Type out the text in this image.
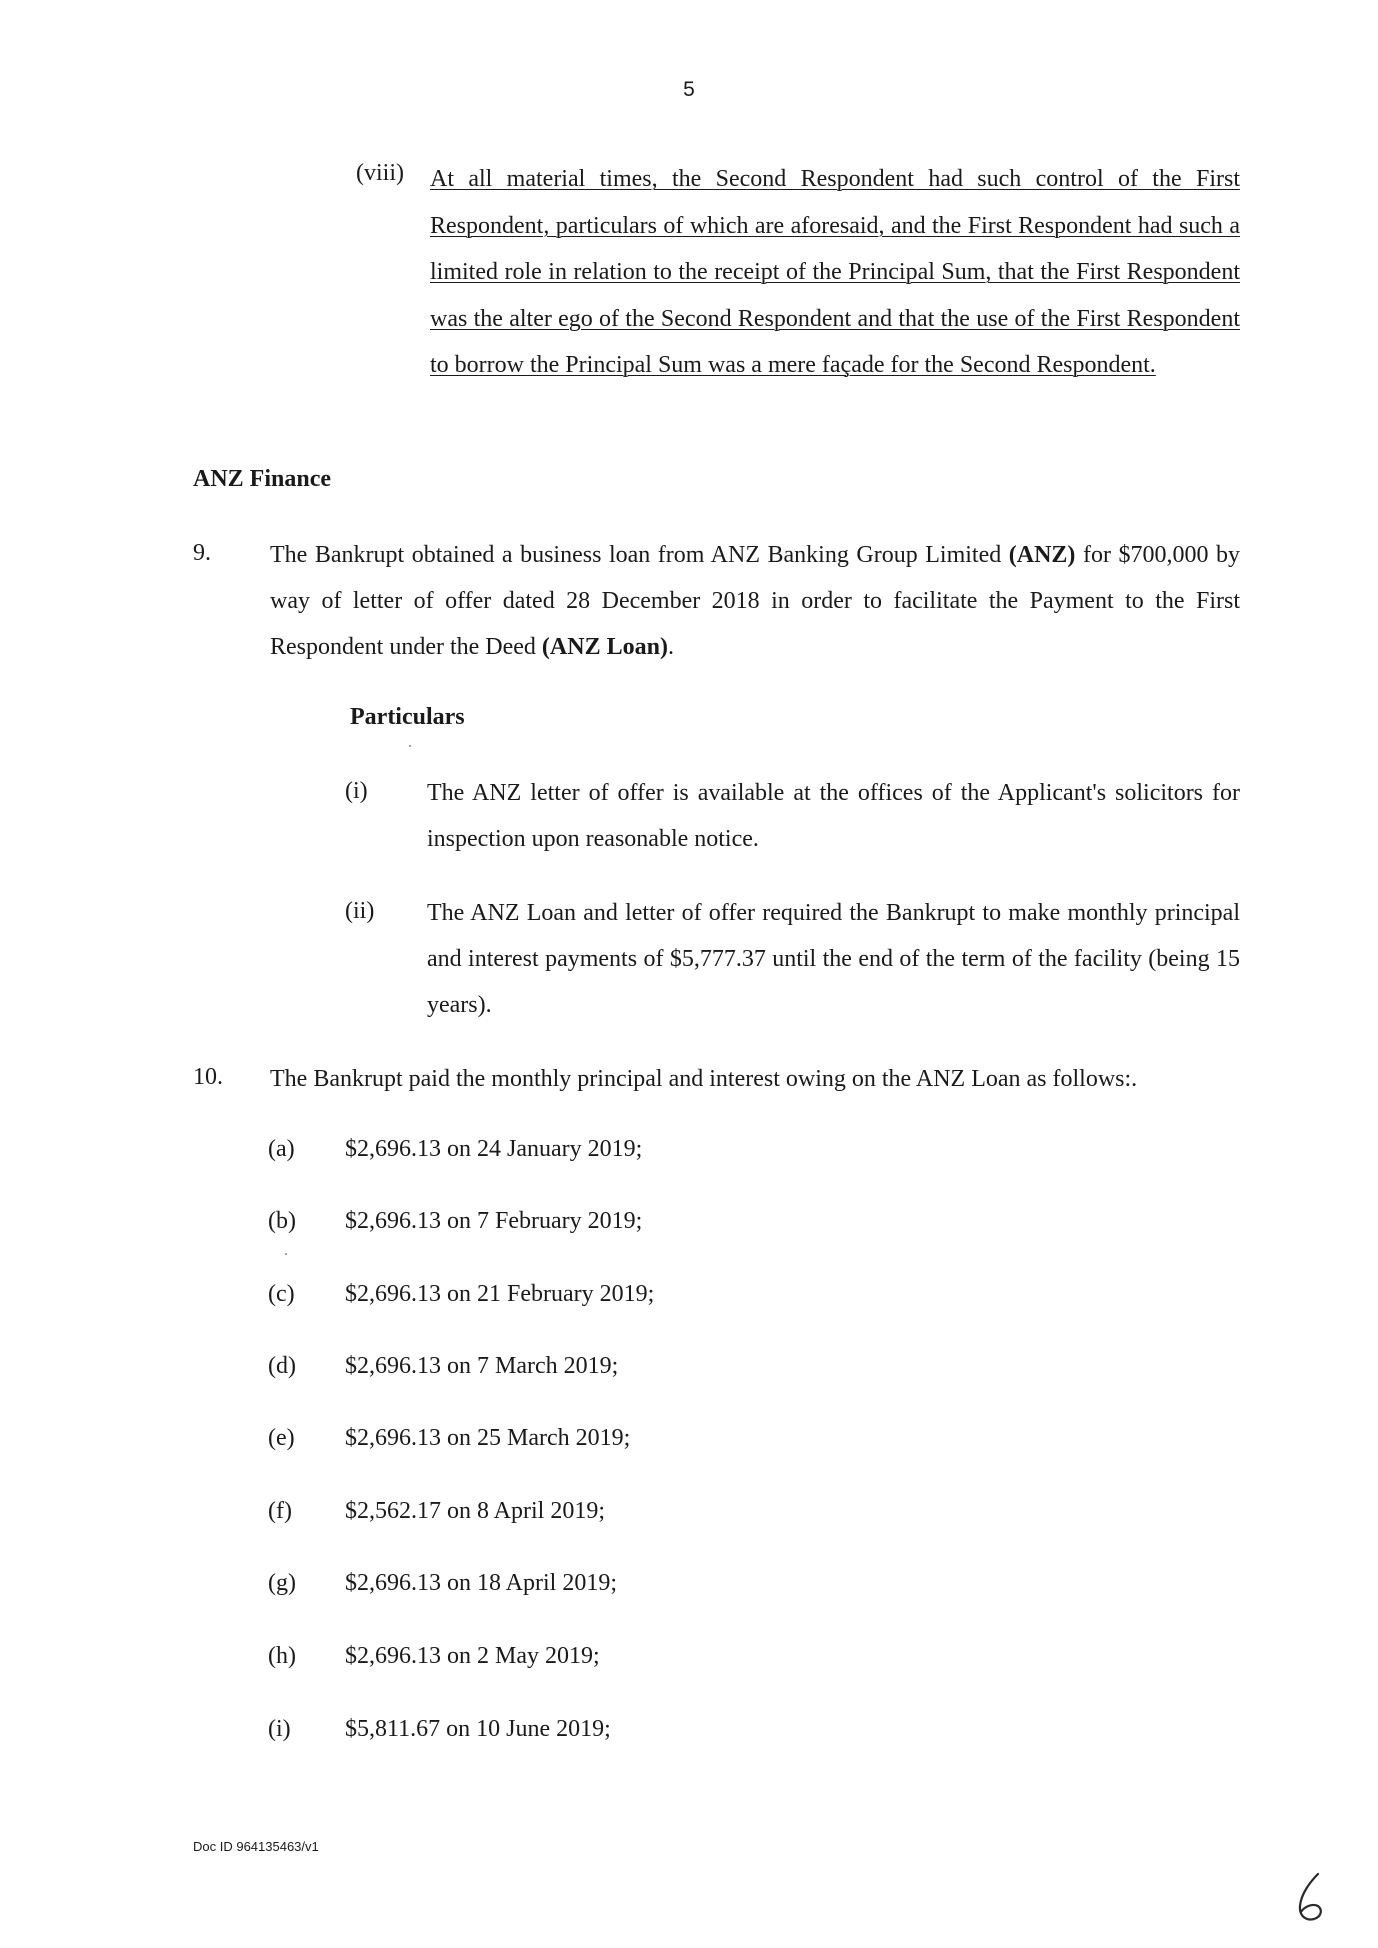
5
(viii) At all material times, the Second Respondent had such control of the First Respondent, particulars of which are aforesaid, and the First Respondent had such a limited role in relation to the receipt of the Principal Sum, that the First Respondent was the alter ego of the Second Respondent and that the use of the First Respondent to borrow the Principal Sum was a mere façade for the Second Respondent.
ANZ Finance
9. The Bankrupt obtained a business loan from ANZ Banking Group Limited (ANZ) for $700,000 by way of letter of offer dated 28 December 2018 in order to facilitate the Payment to the First Respondent under the Deed (ANZ Loan).
Particulars
(i) The ANZ letter of offer is available at the offices of the Applicant's solicitors for inspection upon reasonable notice.
(ii) The ANZ Loan and letter of offer required the Bankrupt to make monthly principal and interest payments of $5,777.37 until the end of the term of the facility (being 15 years).
10. The Bankrupt paid the monthly principal and interest owing on the ANZ Loan as follows:.
(a) $2,696.13 on 24 January 2019;
(b) $2,696.13 on 7 February 2019;
(c) $2,696.13 on 21 February 2019;
(d) $2,696.13 on 7 March 2019;
(e) $2,696.13 on 25 March 2019;
(f) $2,562.17 on 8 April 2019;
(g) $2,696.13 on 18 April 2019;
(h) $2,696.13 on 2 May 2019;
(i) $5,811.67 on 10 June 2019;
Doc ID 964135463/v1
